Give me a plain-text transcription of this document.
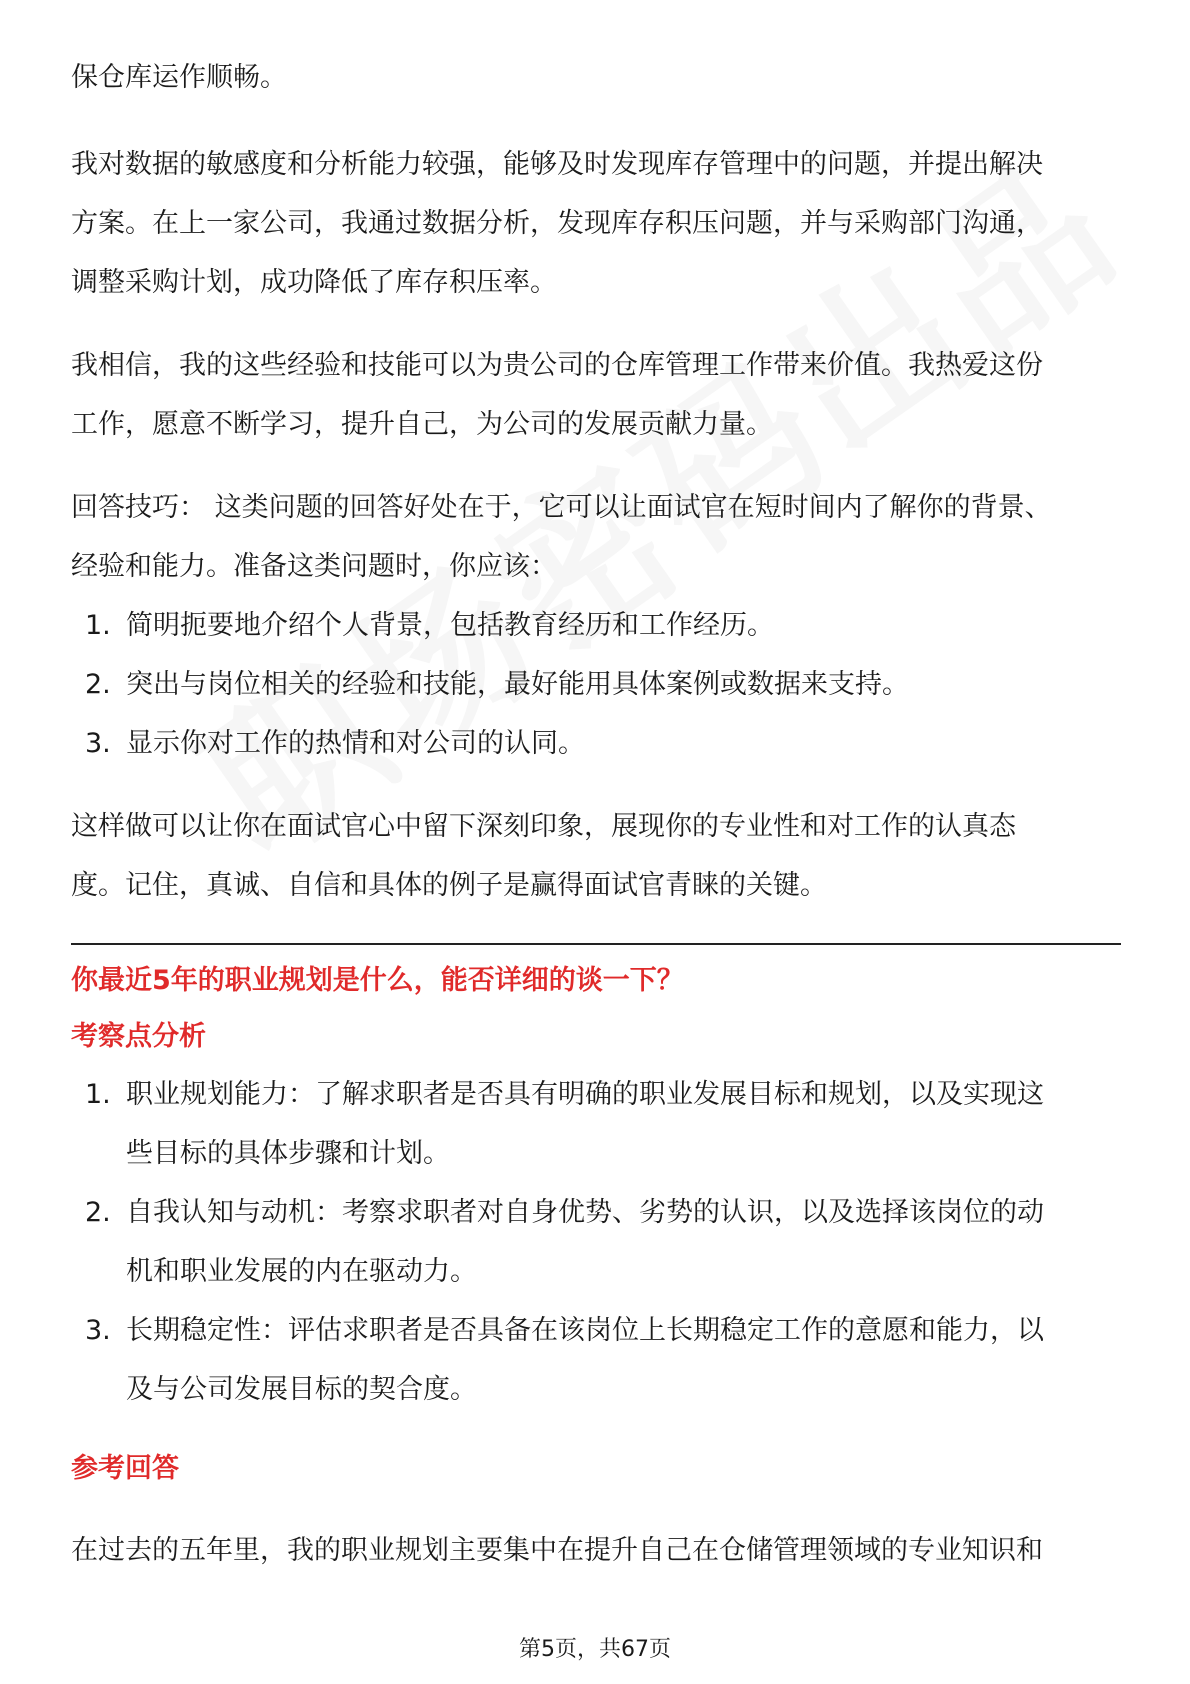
保仓库运作顺畅。

我对数据的敏感度和分析能力较强，能够及时发现库存管理中的问题，并提出解决

方案。在上一家公司，我通过数据分析，发现库存积压问题，并与采购部门沟通，

调整采购计划，成功降低了库存积压率。

我相信，我的这些经验和技能可以为贵公司的仓库管理工作带来价值。我热爱这份

工作，愿意不断学习，提升自己，为公司的发展贡献力量。

回答技巧： 这类问题的回答好处在于，它可以让面试官在短时间内了解你的背景、

经验和能力。准备这类问题时，你应该：

1. 简明扼要地介绍个人背景，包括教育经历和工作经历。
2. 突出与岗位相关的经验和技能，最好能用具体案例或数据来支持。
3. 显示你对工作的热情和对公司的认同。

这样做可以让你在面试官心中留下深刻印象，展现你的专业性和对工作的认真态

度。记住，真诚、自信和具体的例子是赢得面试官青睐的关键。

你最近5年的职业规划是什么，能否详细的谈一下？

考察点分析

1. 职业规划能力：了解求职者是否具有明确的职业发展目标和规划，以及实现这
些目标的具体步骤和计划。
2. 自我认知与动机：考察求职者对自身优势、劣势的认识，以及选择该岗位的动
机和职业发展的内在驱动力。
3. 长期稳定性：评估求职者是否具备在该岗位上长期稳定工作的意愿和能力，以
及与公司发展目标的契合度。

参考回答

在过去的五年里，我的职业规划主要集中在提升自己在仓储管理领域的专业知识和

第5页，共67页
